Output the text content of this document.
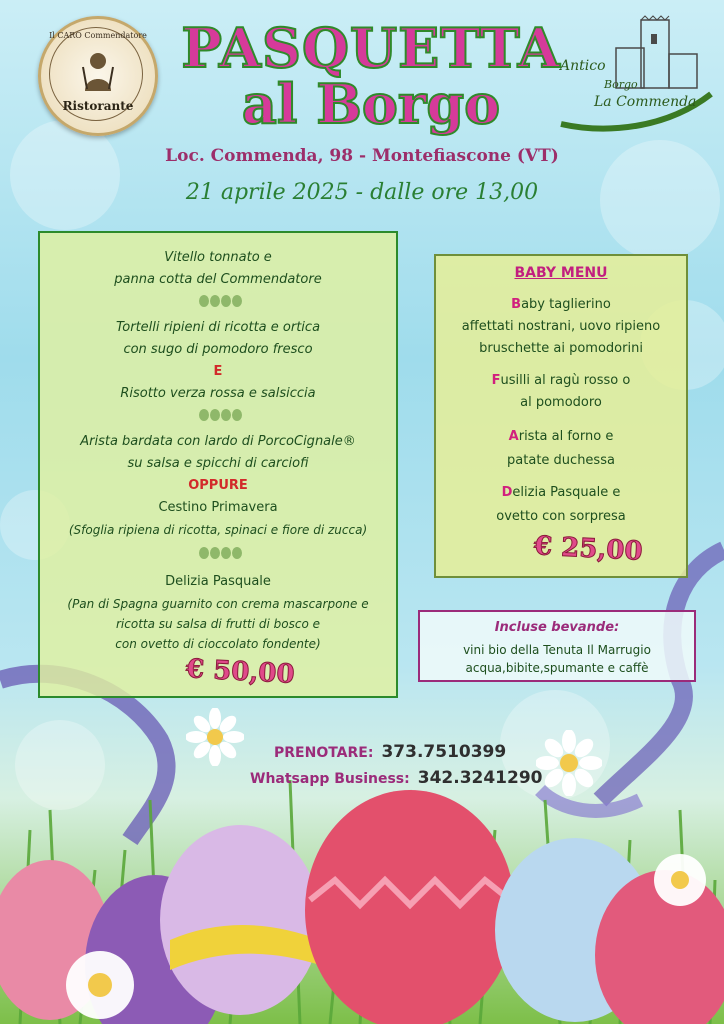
Il CARO Commendatore
Ristorante
PASQUETTA
al Borgo
Antico
Borgo
La Commenda
Loc. Commenda, 98 - Montefiascone (VT)
21 aprile 2025 - dalle ore 13,00
Vitello tonnato e
panna cotta del Commendatore
Tortelli ripieni di ricotta e ortica
con sugo di pomodoro fresco
E
Risotto verza rossa e salsiccia
Arista bardata con lardo di PorcoCignale®
su salsa e spicchi di carciofi
OPPURE
Cestino Primavera
(Sfoglia ripiena di ricotta, spinaci e fiore di zucca)
Delizia Pasquale
(Pan di Spagna guarnito con crema mascarpone e
ricotta su salsa di frutti di bosco e
con ovetto di cioccolato fondente)
€ 50,00
BABY MENU
Baby taglierino
affettati nostrani, uovo ripieno
bruschette ai pomodorini
Fusilli al ragù rosso o
al pomodoro
Arista al forno e
patate duchessa
Delizia Pasquale e
ovetto con sorpresa
€ 25,00
Incluse bevande:
vini bio della Tenuta Il Marrugio
acqua,bibite,spumante e caffè
PRENOTARE: 373.7510399
Whatsapp Business: 342.3241290
